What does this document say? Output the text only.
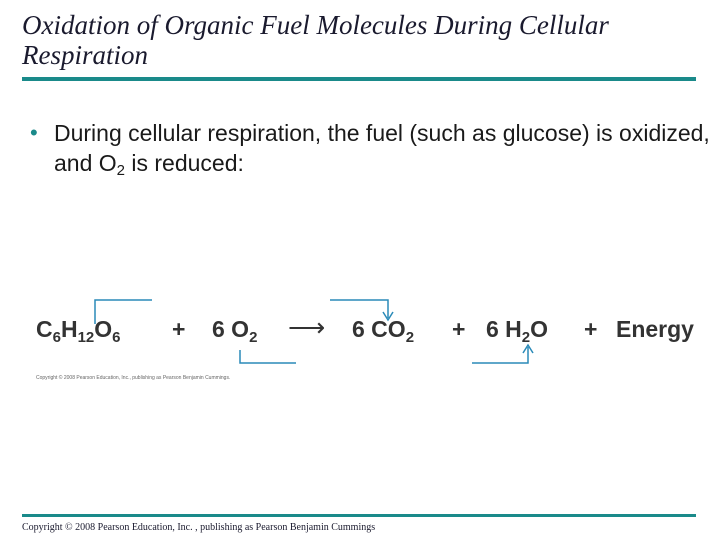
Oxidation of Organic Fuel Molecules During Cellular Respiration
• During cellular respiration, the fuel (such as glucose) is oxidized, and $O_2$ is reduced:
$C_6H_{12}O_6 + 6$ $O_2$ ⟶ 6 $CO_2 + 6$ $H_2O$ + Energy
Copyright © 2008 Pearson Education, Inc., publishing as Pearson Benjamin Cummings.
Copyright © 2008 Pearson Education, Inc. , publishing as Pearson Benjamin Cummings
